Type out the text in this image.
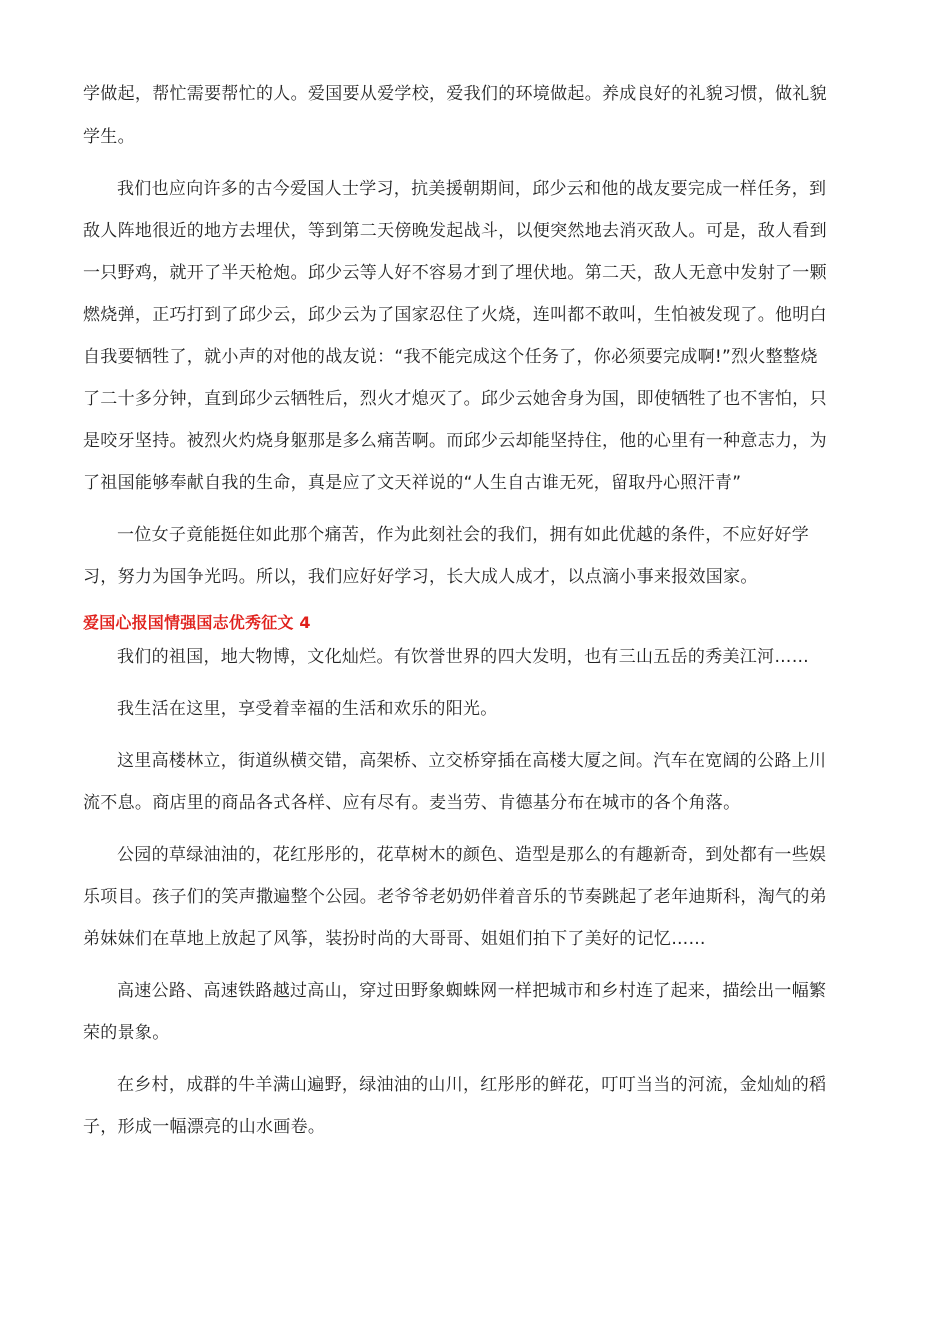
学做起，帮忙需要帮忙的人。爱国要从爱学校，爱我们的环境做起。养成良好的礼貌习惯，做礼貌
学生。
我们也应向许多的古今爱国人士学习，抗美援朝期间，邱少云和他的战友要完成一样任务，到
敌人阵地很近的地方去埋伏，等到第二天傍晚发起战斗，以便突然地去消灭敌人。可是，敌人看到
一只野鸡，就开了半天枪炮。邱少云等人好不容易才到了埋伏地。第二天，敌人无意中发射了一颗
燃烧弹，正巧打到了邱少云，邱少云为了国家忍住了火烧，连叫都不敢叫，生怕被发现了。他明白
自我要牺牲了，就小声的对他的战友说：“我不能完成这个任务了，你必须要完成啊!”烈火整整烧
了二十多分钟，直到邱少云牺牲后，烈火才熄灭了。邱少云她舍身为国，即使牺牲了也不害怕，只
是咬牙坚持。被烈火灼烧身躯那是多么痛苦啊。而邱少云却能坚持住，他的心里有一种意志力，为
了祖国能够奉献自我的生命，真是应了文天祥说的“人生自古谁无死，留取丹心照汗青”
一位女子竟能挺住如此那个痛苦，作为此刻社会的我们，拥有如此优越的条件，不应好好学
习，努力为国争光吗。所以，我们应好好学习，长大成人成才，以点滴小事来报效国家。
爱国心报国情强国志优秀征文 4
我们的祖国，地大物博，文化灿烂。有饮誉世界的四大发明，也有三山五岳的秀美江河……
我生活在这里，享受着幸福的生活和欢乐的阳光。
这里高楼林立，街道纵横交错，高架桥、立交桥穿插在高楼大厦之间。汽车在宽阔的公路上川
流不息。商店里的商品各式各样、应有尽有。麦当劳、肯德基分布在城市的各个角落。
公园的草绿油油的，花红彤彤的，花草树木的颜色、造型是那么的有趣新奇，到处都有一些娱
乐项目。孩子们的笑声撒遍整个公园。老爷爷老奶奶伴着音乐的节奏跳起了老年迪斯科，淘气的弟
弟妹妹们在草地上放起了风筝，装扮时尚的大哥哥、姐姐们拍下了美好的记忆……
高速公路、高速铁路越过高山，穿过田野象蜘蛛网一样把城市和乡村连了起来，描绘出一幅繁
荣的景象。
在乡村，成群的牛羊满山遍野，绿油油的山川，红彤彤的鲜花，叮叮当当的河流，金灿灿的稻
子，形成一幅漂亮的山水画卷。
